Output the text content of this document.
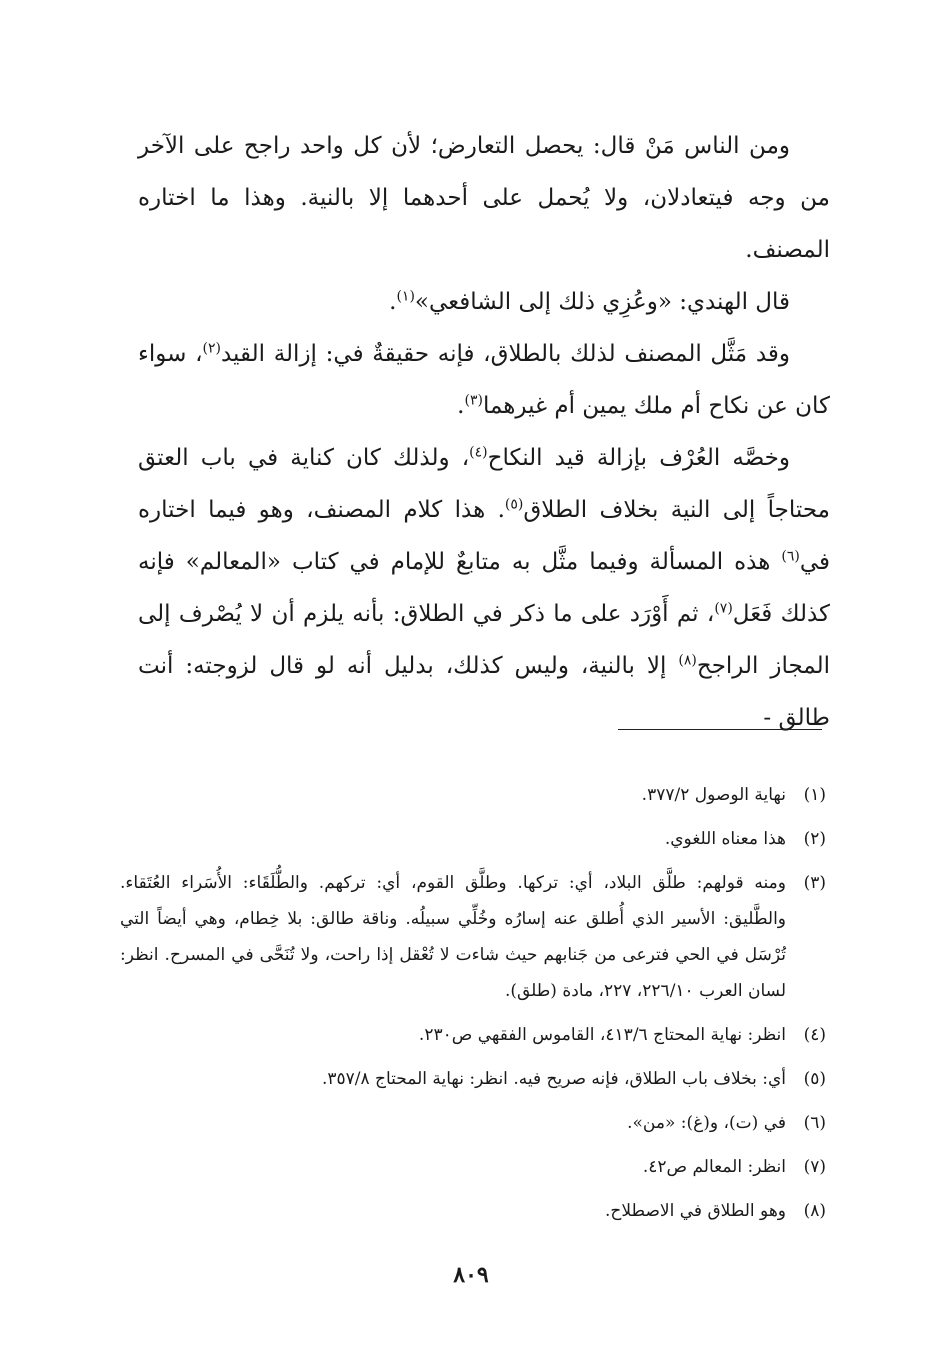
ومن الناس مَنْ قال: يحصل التعارض؛ لأن كل واحد راجح على الآخر من وجه فيتعادلان، ولا يُحمل على أحدهما إلا بالنية. وهذا ما اختاره المصنف.

قال الهندي: «وعُزِي ذلك إلى الشافعي»$^{(١)}$.

وقد مَثَّل المصنف لذلك بالطلاق، فإنه حقيقةٌ في: إزالة القيد$^{(٢)}$، سواء كان عن نكاح أم ملك يمين أم غيرهما$^{(٣)}$.

وخصَّه العُرْف بإزالة قيد النكاح$^{(٤)}$، ولذلك كان كناية في باب العتق محتاجاً إلى النية بخلاف الطلاق$^{(٥)}$. هذا كلام المصنف، وهو فيما اختاره في$^{(٦)}$ هذه المسألة وفيما مثَّل به متابعٌ للإمام في كتاب «المعالم» فإنه كذلك فَعَل$^{(٧)}$، ثم أَوْرَد على ما ذكر في الطلاق: بأنه يلزم أن لا يُصْرف إلى المجاز الراجح$^{(٨)}$ إلا بالنية، وليس كذلك، بدليل أنه لو قال لزوجته: أنت طالق -

(١)
نهاية الوصول ٣٧٧/٢.
(٢)
هذا معناه اللغوي.
(٣)
ومنه قولهم: طلَّق البلاد، أي: تركها. وطلَّق القوم، أي: تركهم. والطُّلَقَاء: الأُسَراء العُتَقاء. والطَّليق: الأسير الذي أُطلق عنه إسارُه وخُلِّي سبيلُه. وناقة طالق: بلا خِطام، وهي أيضاً التي تُرْسَل في الحي فترعى من جَنابهم حيث شاءت لا تُعْقل إذا راحت، ولا تُنَحَّى في المسرح. انظر: لسان العرب ٢٢٦/١٠، ٢٢٧، مادة (طلق).
(٤)
انظر: نهاية المحتاج ٤١٣/٦، القاموس الفقهي ص٢٣٠.
(٥)
أي: بخلاف باب الطلاق، فإنه صريح فيه. انظر: نهاية المحتاج ٣٥٧/٨.
(٦)
في (ت)، و(غ): «من».
(٧)
انظر: المعالم ص٤٢.
(٨)
وهو الطلاق في الاصطلاح.
٨٠٩
